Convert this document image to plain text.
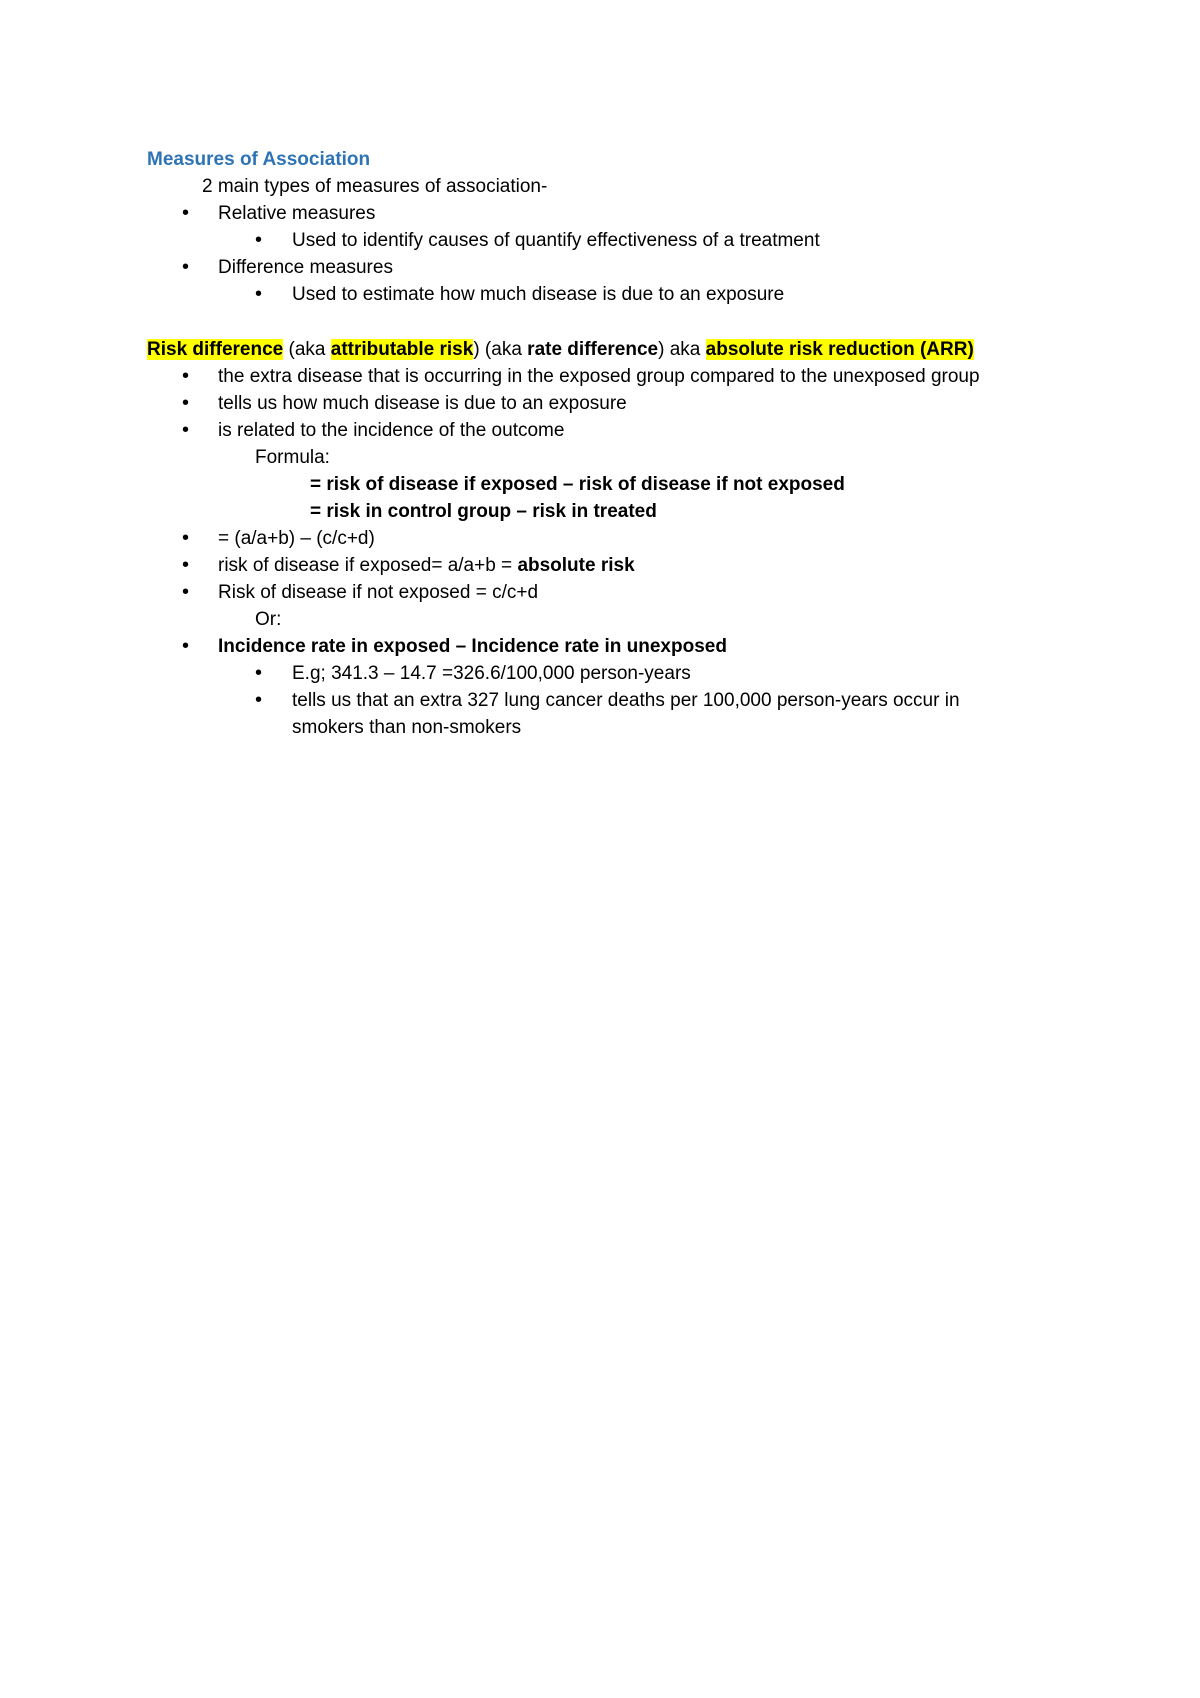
Measures of Association
2 main types of measures of association-
• Relative measures
• Used to identify causes of quantify effectiveness of a treatment
• Difference measures
• Used to estimate how much disease is due to an exposure
Risk difference (aka attributable risk) (aka rate difference) aka absolute risk reduction (ARR)
• the extra disease that is occurring in the exposed group compared to the unexposed group
• tells us how much disease is due to an exposure
• is related to the incidence of the outcome
Formula:
= risk of disease if exposed – risk of disease if not exposed
= risk in control group – risk in treated
• = (a/a+b) – (c/c+d)
• risk of disease if exposed= a/a+b = absolute risk
• Risk of disease if not exposed = c/c+d
Or:
• Incidence rate in exposed – Incidence rate in unexposed
• E.g; 341.3 – 14.7 =326.6/100,000 person-years
• tells us that an extra 327 lung cancer deaths per 100,000 person-years occur in
smokers than non-smokers
